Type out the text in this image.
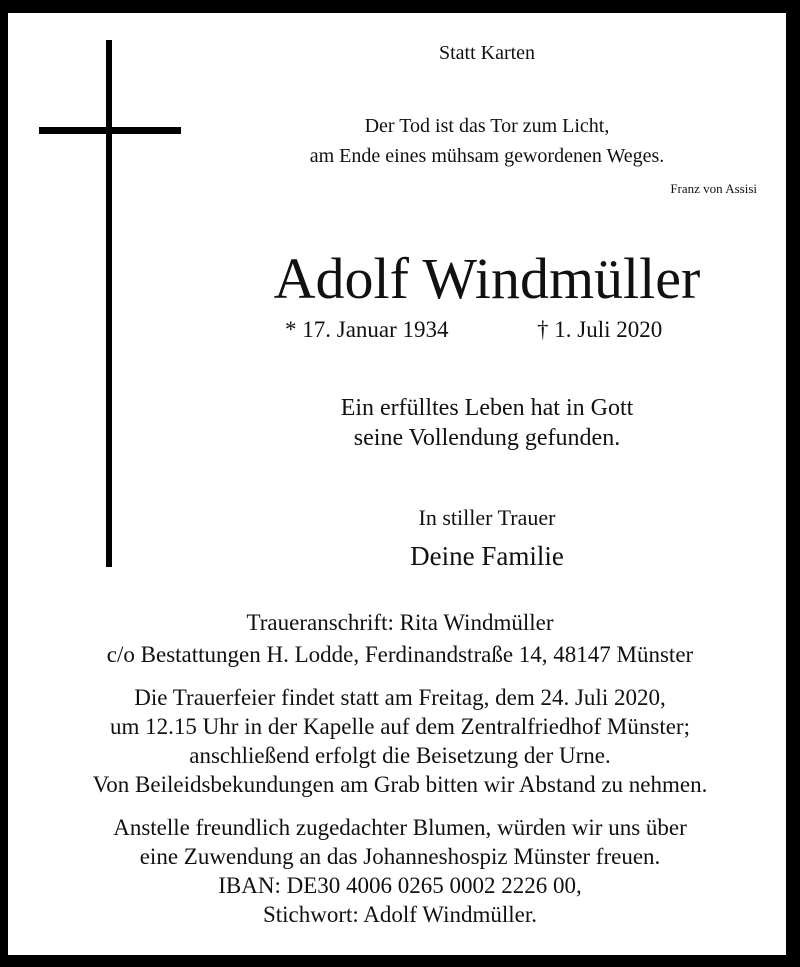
Statt Karten
Der Tod ist das Tor zum Licht,
am Ende eines mühsam gewordenen Weges.
Franz von Assisi
Adolf Windmüller
* 17. Januar 1934	† 1. Juli 2020
Ein erfülltes Leben hat in Gott
seine Vollendung gefunden.
In stiller Trauer
Deine Familie
Traueranschrift: Rita Windmüller
c/o Bestattungen H. Lodde, Ferdinandstraße 14, 48147 Münster
Die Trauerfeier findet statt am Freitag, dem 24. Juli 2020,
um 12.15 Uhr in der Kapelle auf dem Zentralfriedhof Münster;
anschließend erfolgt die Beisetzung der Urne.
Von Beileidsbekundungen am Grab bitten wir Abstand zu nehmen.
Anstelle freundlich zugedachter Blumen, würden wir uns über
eine Zuwendung an das Johanneshospiz Münster freuen.
IBAN: DE30 4006 0265 0002 2226 00,
Stichwort: Adolf Windmüller.
